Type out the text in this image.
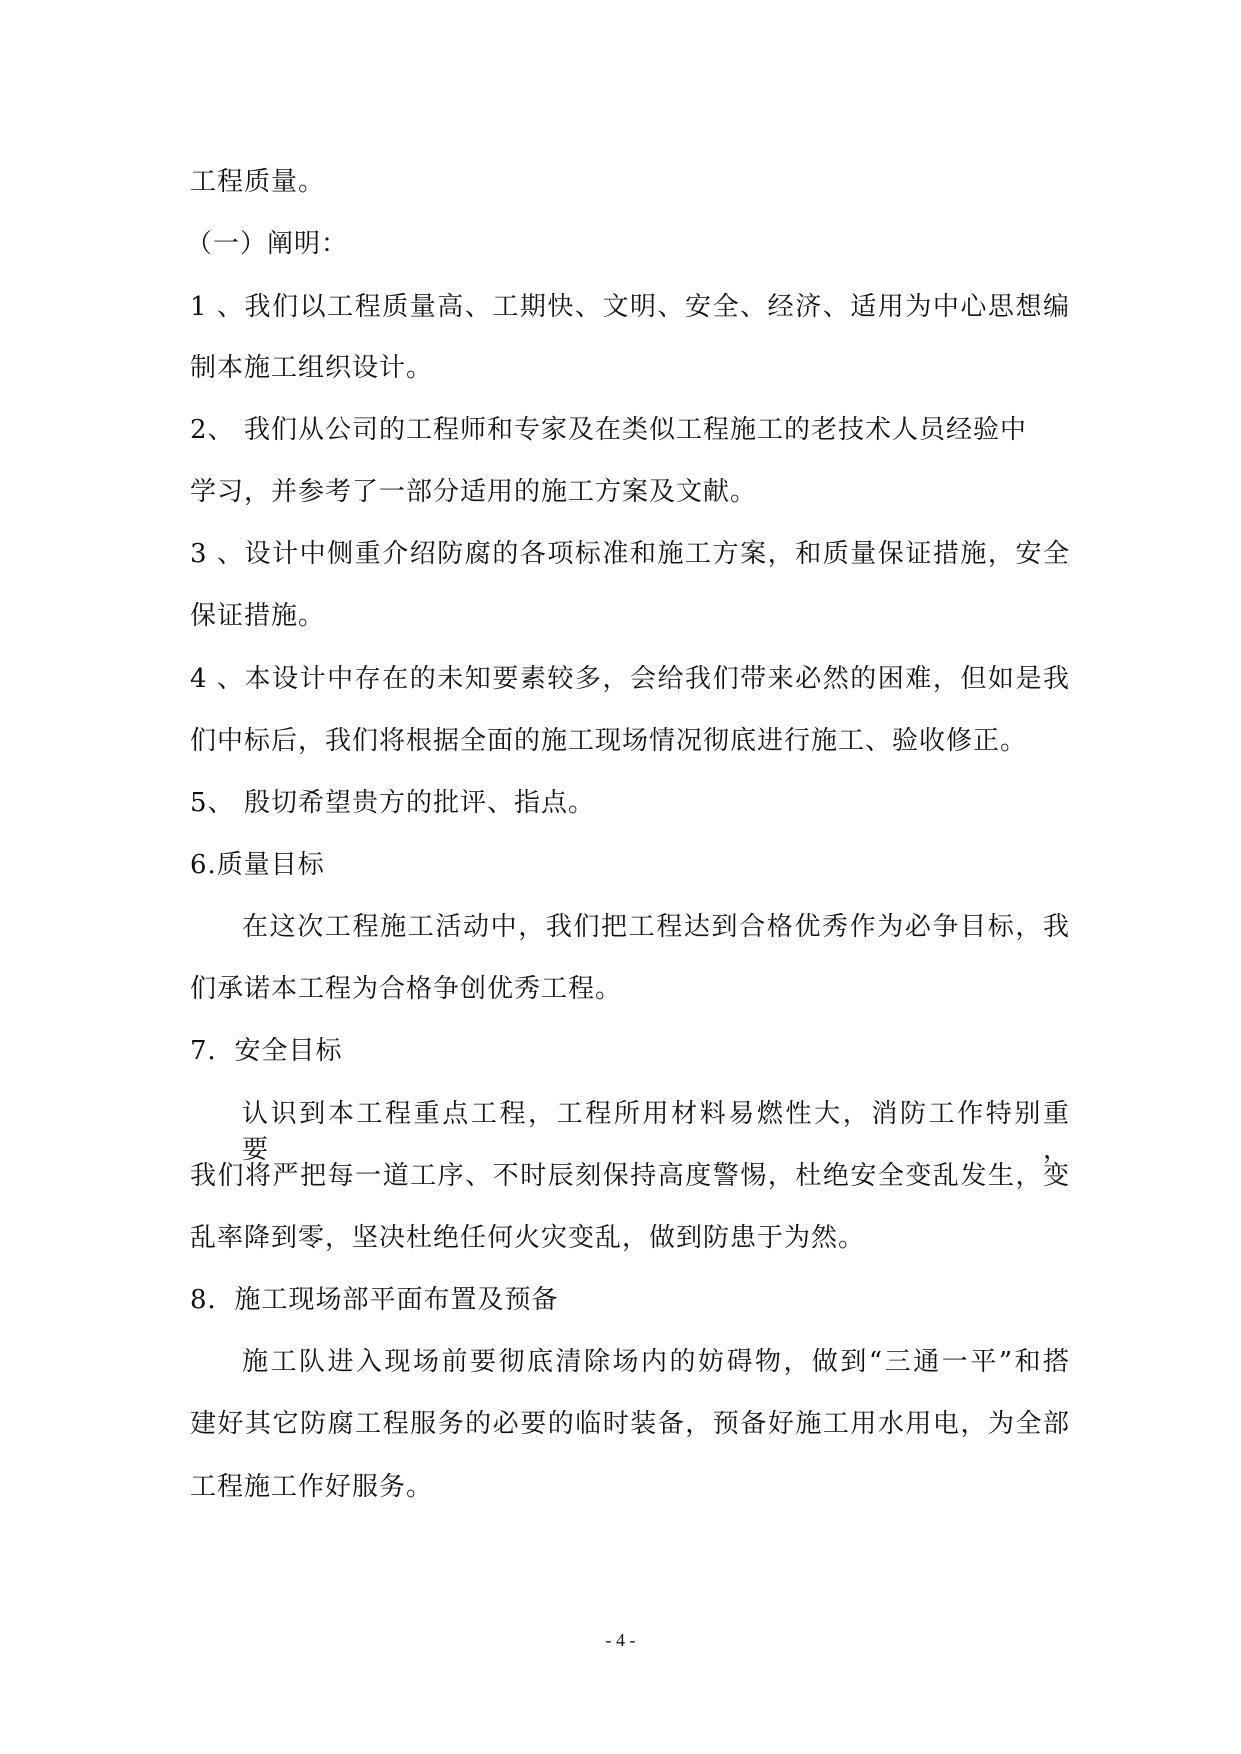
工程质量。
（一）阐明：
1、我们以工程质量高、工期快、文明、安全、经济、适用为中心思想编
制本施工组织设计。
2、 我们从公司的工程师和专家及在类似工程施工的老技术人员经验中
学习，并参考了一部分适用的施工方案及文献。
3、设计中侧重介绍防腐的各项标准和施工方案，和质量保证措施，安全
保证措施。
4、本设计中存在的未知要素较多，会给我们带来必然的困难，但如是我
们中标后，我们将根据全面的施工现场情况彻底进行施工、验收修正。
5、 殷切希望贵方的批评、指点。
6.质量目标
在这次工程施工活动中，我们把工程达到合格优秀作为必争目标，我
们承诺本工程为合格争创优秀工程。
7．安全目标
认识到本工程重点工程，工程所用材料易燃性大，消防工作特别重要，
我们将严把每一道工序、不时辰刻保持高度警惕，杜绝安全变乱发生，变
乱率降到零，坚决杜绝任何火灾变乱，做到防患于为然。
8．施工现场部平面布置及预备
施工队进入现场前要彻底清除场内的妨碍物，做到“三通一平”和搭
建好其它防腐工程服务的必要的临时装备，预备好施工用水用电，为全部
工程施工作好服务。
- 4 -
